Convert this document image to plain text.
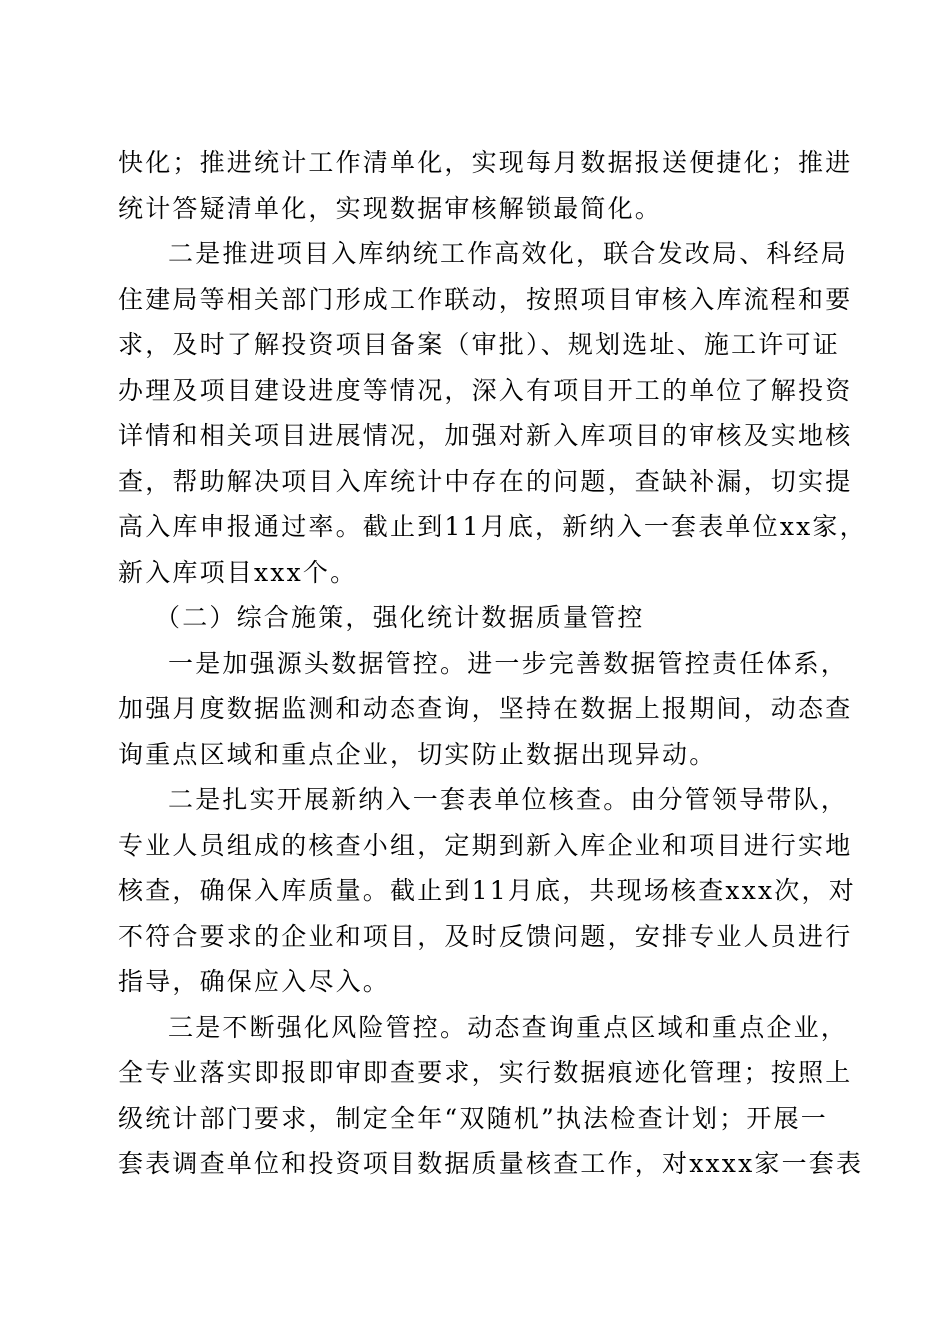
快化；推进统计工作清单化，实现每月数据报送便捷化；推进
统计答疑清单化，实现数据审核解锁最简化。
二是推进项目入库纳统工作高效化，联合发改局、科经局
住建局等相关部门形成工作联动，按照项目审核入库流程和要
求，及时了解投资项目备案（审批）、规划选址、施工许可证
办理及项目建设进度等情况，深入有项目开工的单位了解投资
详情和相关项目进展情况，加强对新入库项目的审核及实地核
查，帮助解决项目入库统计中存在的问题，查缺补漏，切实提
高入库申报通过率。截止到11月底，新纳入一套表单位xx家，
新入库项目xxx个。
（二）综合施策，强化统计数据质量管控
一是加强源头数据管控。进一步完善数据管控责任体系，
加强月度数据监测和动态查询，坚持在数据上报期间，动态查
询重点区域和重点企业，切实防止数据出现异动。
二是扎实开展新纳入一套表单位核查。由分管领导带队，
专业人员组成的核查小组，定期到新入库企业和项目进行实地
核查，确保入库质量。截止到11月底，共现场核查xxx次，对
不符合要求的企业和项目，及时反馈问题，安排专业人员进行
指导，确保应入尽入。
三是不断强化风险管控。动态查询重点区域和重点企业，
全专业落实即报即审即查要求，实行数据痕迹化管理；按照上
级统计部门要求，制定全年“双随机”执法检查计划；开展一
套表调查单位和投资项目数据质量核查工作，对xxxx家一套表
